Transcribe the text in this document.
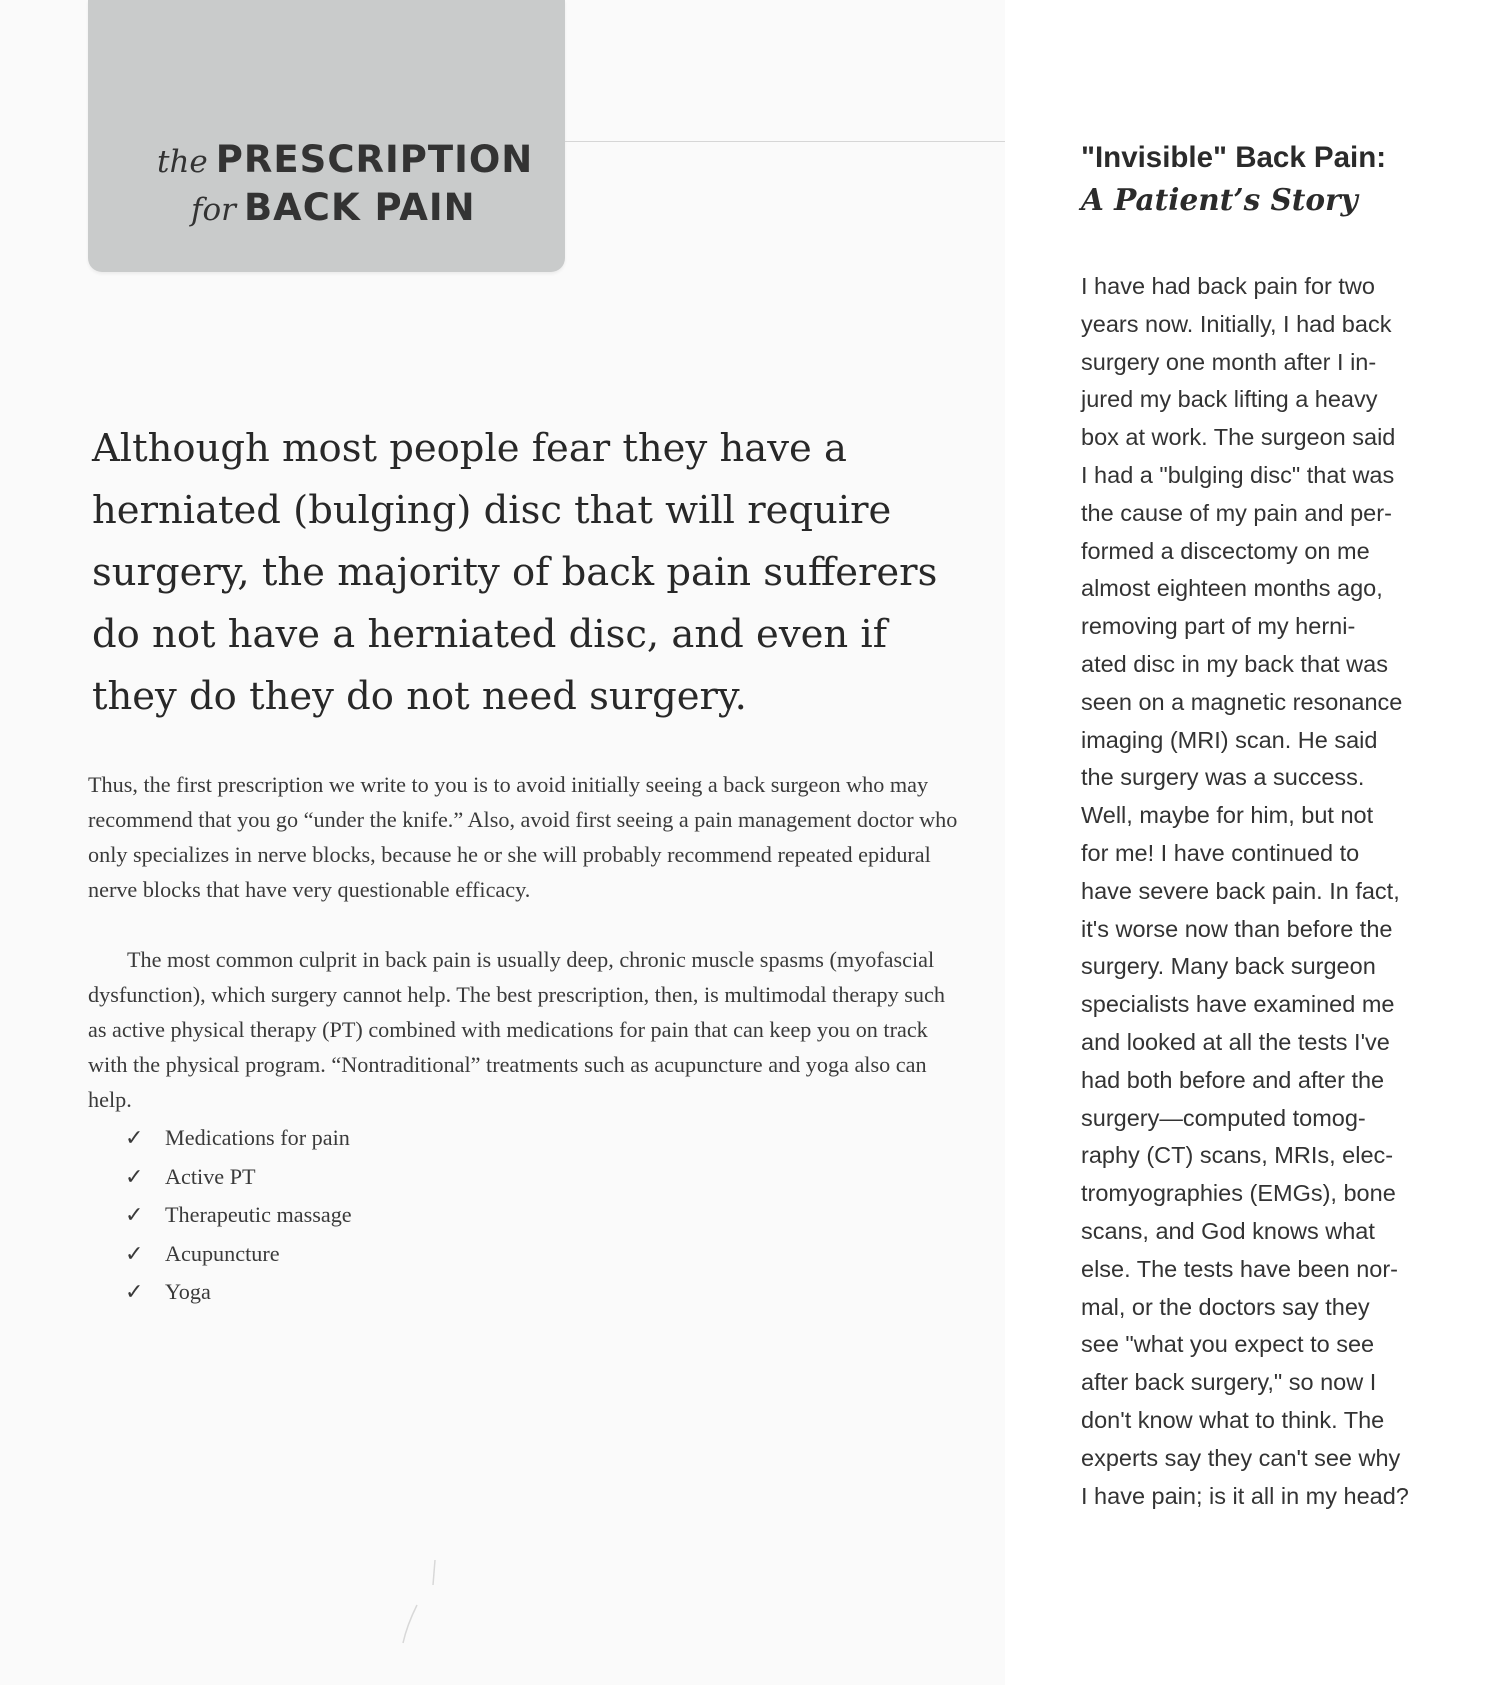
the PRESCRIPTION
for BACK PAIN

Although most people fear they have a herniated (bulging) disc that will require surgery, the majority of back pain sufferers do not have a herniated disc, and even if they do they do not need surgery.

Thus, the first prescription we write to you is to avoid initially seeing a back surgeon who may recommend that you go “under the knife.” Also, avoid first seeing a pain management doctor who only specializes in nerve blocks, because he or she will probably recommend repeated epidural nerve blocks that have very questionable efficacy.

The most common culprit in back pain is usually deep, chronic muscle spasms (myofascial dysfunction), which surgery cannot help. The best prescription, then, is multimodal therapy such as active physical therapy (PT) combined with medications for pain that can keep you on track with the physical program. “Nontraditional” treatments such as acupuncture and yoga also can help.

✓ Medications for pain
✓ Active PT
✓ Therapeutic massage
✓ Acupuncture
✓ Yoga
"Invisible" Back Pain:
A Patient’s Story
I have had back pain for two
years now. Initially, I had back
surgery one month after I in-
jured my back lifting a heavy
box at work. The surgeon said
I had a "bulging disc" that was
the cause of my pain and per-
formed a discectomy on me
almost eighteen months ago,
removing part of my herni-
ated disc in my back that was
seen on a magnetic resonance
imaging (MRI) scan. He said
the surgery was a success.
Well, maybe for him, but not
for me! I have continued to
have severe back pain. In fact,
it's worse now than before the
surgery. Many back surgeon
specialists have examined me
and looked at all the tests I've
had both before and after the
surgery—computed tomog-
raphy (CT) scans, MRIs, elec-
tromyographies (EMGs), bone
scans, and God knows what
else. The tests have been nor-
mal, or the doctors say they
see "what you expect to see
after back surgery," so now I
don't know what to think. The
experts say they can't see why
I have pain; is it all in my head?
